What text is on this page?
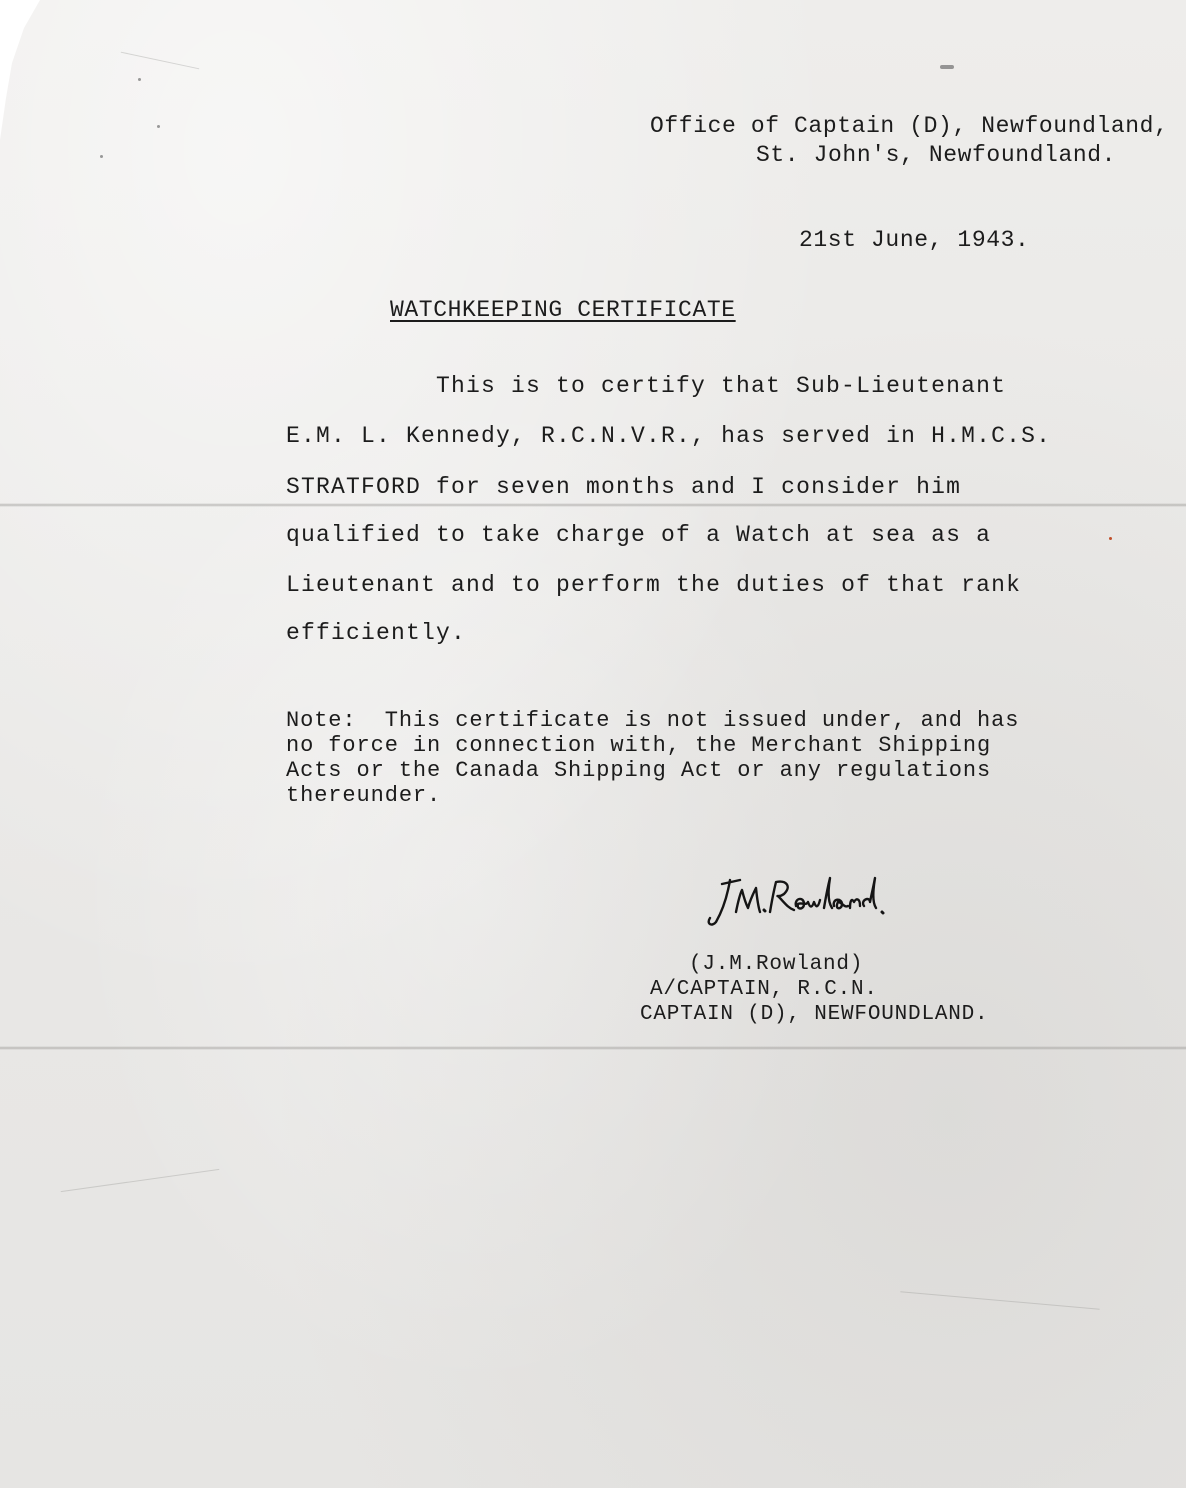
Office of Captain (D), Newfoundland,
St. John's, Newfoundland.
21st June, 1943.
WATCHKEEPING CERTIFICATE
This is to certify that Sub-Lieutenant
E.M. L. Kennedy, R.C.N.V.R., has served in H.M.C.S.
STRATFORD for seven months and I consider him
qualified to take charge of a Watch at sea as a
Lieutenant and to perform the duties of that rank
efficiently.
Note:  This certificate is not issued under, and has
no force in connection with, the Merchant Shipping
Acts or the Canada Shipping Act or any regulations
thereunder.
(J.M.Rowland)
A/CAPTAIN, R.C.N.
CAPTAIN (D), NEWFOUNDLAND.
